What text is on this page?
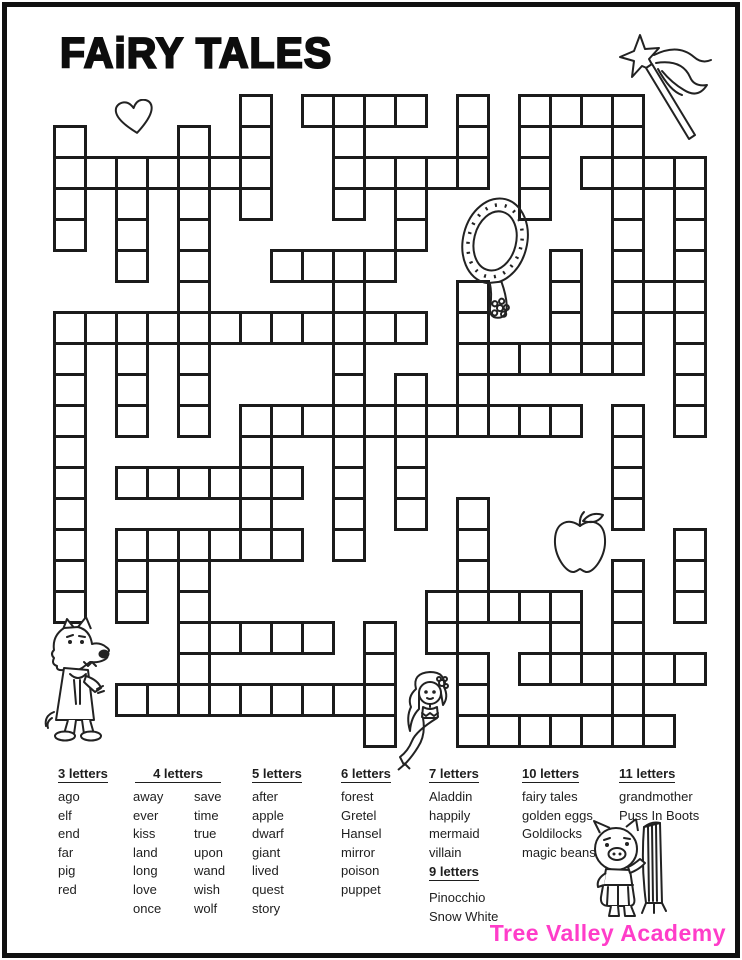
FAiRY TALES
3 letters
ago
elf
end
far
pig
red
4 letters
away
ever
kiss
land
long
love
once
save
time
true
upon
wand
wish
wolf
5 letters
after
apple
dwarf
giant
lived
quest
story
6 letters
forest
Gretel
Hansel
mirror
poison
puppet
7 letters
Aladdin
happily
mermaid
villain
9 letters
Pinocchio
Snow White
10 letters
fairy tales
golden eggs
Goldilocks
magic beans
11 letters
grandmother
Puss In Boots
Tree Valley Academy
